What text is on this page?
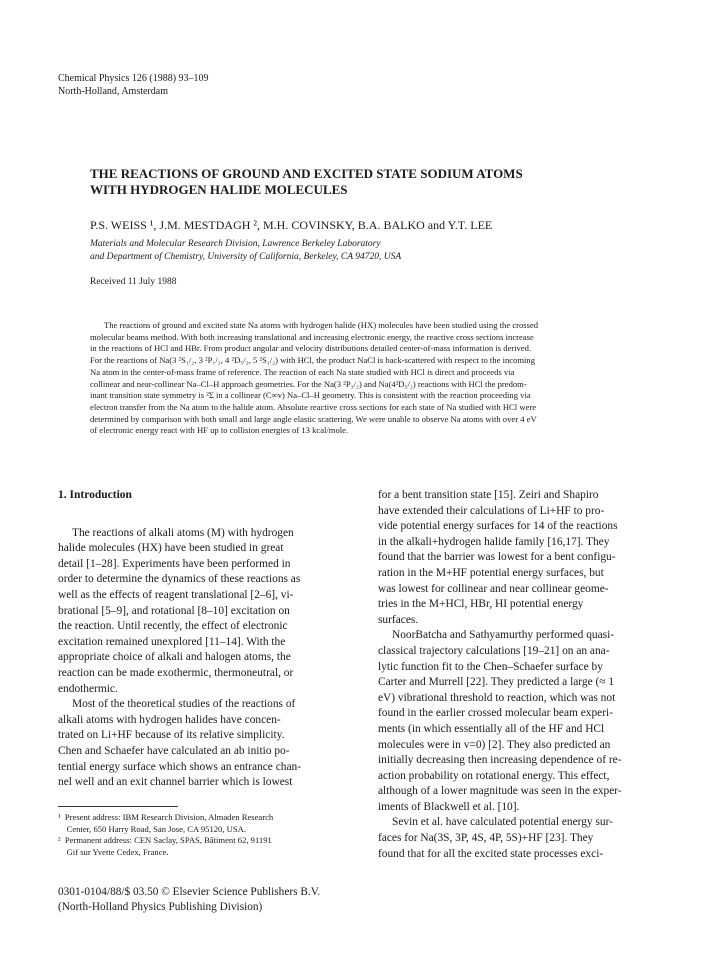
Chemical Physics 126 (1988) 93–109
North-Holland, Amsterdam
THE REACTIONS OF GROUND AND EXCITED STATE SODIUM ATOMS
WITH HYDROGEN HALIDE MOLECULES
P.S. WEISS ¹, J.M. MESTDAGH ², M.H. COVINSKY, B.A. BALKO and Y.T. LEE
Materials and Molecular Research Division, Lawrence Berkeley Laboratory
and Department of Chemistry, University of California, Berkeley, CA 94720, USA
Received 11 July 1988
The reactions of ground and excited state Na atoms with hydrogen halide (HX) molecules have been studied using the crossed
molecular beams method. With both increasing translational and increasing electronic energy, the reactive cross sections increase
in the reactions of HCl and HBr. From product angular and velocity distributions detailed center-of-mass information is derived.
For the reactions of Na(3 ²S₁/₂, 3 ²P₁/₂, 4 ²D₅/₂, 5 ²S₁/₂) with HCl, the product NaCl is back-scattered with respect to the incoming
Na atom in the center-of-mass frame of reference. The reaction of each Na state studied with HCl is direct and proceeds via
collinear and near-collinear Na–Cl–H approach geometries. For the Na(3 ²P₃/₂) and Na(4²D₅/₂) reactions with HCl the predom-
inant transition state symmetry is ²Σ in a collinear (C∞v) Na–Cl–H geometry. This is consistent with the reaction proceeding via
electron transfer from the Na atom to the halide atom. Absolute reactive cross sections for each state of Na studied with HCl were
determined by comparison with both small and large angle elastic scattering. We were unable to observe Na atoms with over 4 eV
of electronic energy react with HF up to collision energies of 13 kcal/mole.
1. Introduction
The reactions of alkali atoms (M) with hydrogen
halide molecules (HX) have been studied in great
detail [1–28]. Experiments have been performed in
order to determine the dynamics of these reactions as
well as the effects of reagent translational [2–6], vi-
brational [5–9], and rotational [8–10] excitation on
the reaction. Until recently, the effect of electronic
excitation remained unexplored [11–14]. With the
appropriate choice of alkali and halogen atoms, the
reaction can be made exothermic, thermoneutral, or
endothermic.
Most of the theoretical studies of the reactions of
alkali atoms with hydrogen halides have concen-
trated on Li+HF because of its relative simplicity.
Chen and Schaefer have calculated an ab initio po-
tential energy surface which shows an entrance chan-
nel well and an exit channel barrier which is lowest
¹  Present address: IBM Research Division, Almaden Research
Center, 650 Harry Road, San Jose, CA 95120, USA.
²  Permanent address: CEN Saclay, SPAS, Bâtiment 62, 91191
Gif sur Yvette Cedex, France.
for a bent transition state [15]. Zeiri and Shapiro
have extended their calculations of Li+HF to pro-
vide potential energy surfaces for 14 of the reactions
in the alkali+hydrogen halide family [16,17]. They
found that the barrier was lowest for a bent configu-
ration in the M+HF potential energy surfaces, but
was lowest for collinear and near collinear geome-
tries in the M+HCl, HBr, HI potential energy
surfaces.
NoorBatcha and Sathyamurthy performed quasi-
classical trajectory calculations [19–21] on an ana-
lytic function fit to the Chen–Schaefer surface by
Carter and Murrell [22]. They predicted a large (≈ 1
eV) vibrational threshold to reaction, which was not
found in the earlier crossed molecular beam experi-
ments (in which essentially all of the HF and HCl
molecules were in v=0) [2]. They also predicted an
initially decreasing then increasing dependence of re-
action probability on rotational energy. This effect,
although of a lower magnitude was seen in the exper-
iments of Blackwell et al. [10].
Sevin et al. have calculated potential energy sur-
faces for Na(3S, 3P, 4S, 4P, 5S)+HF [23]. They
found that for all the excited state processes exci-
0301-0104/88/$ 03.50 © Elsevier Science Publishers B.V.
(North-Holland Physics Publishing Division)
